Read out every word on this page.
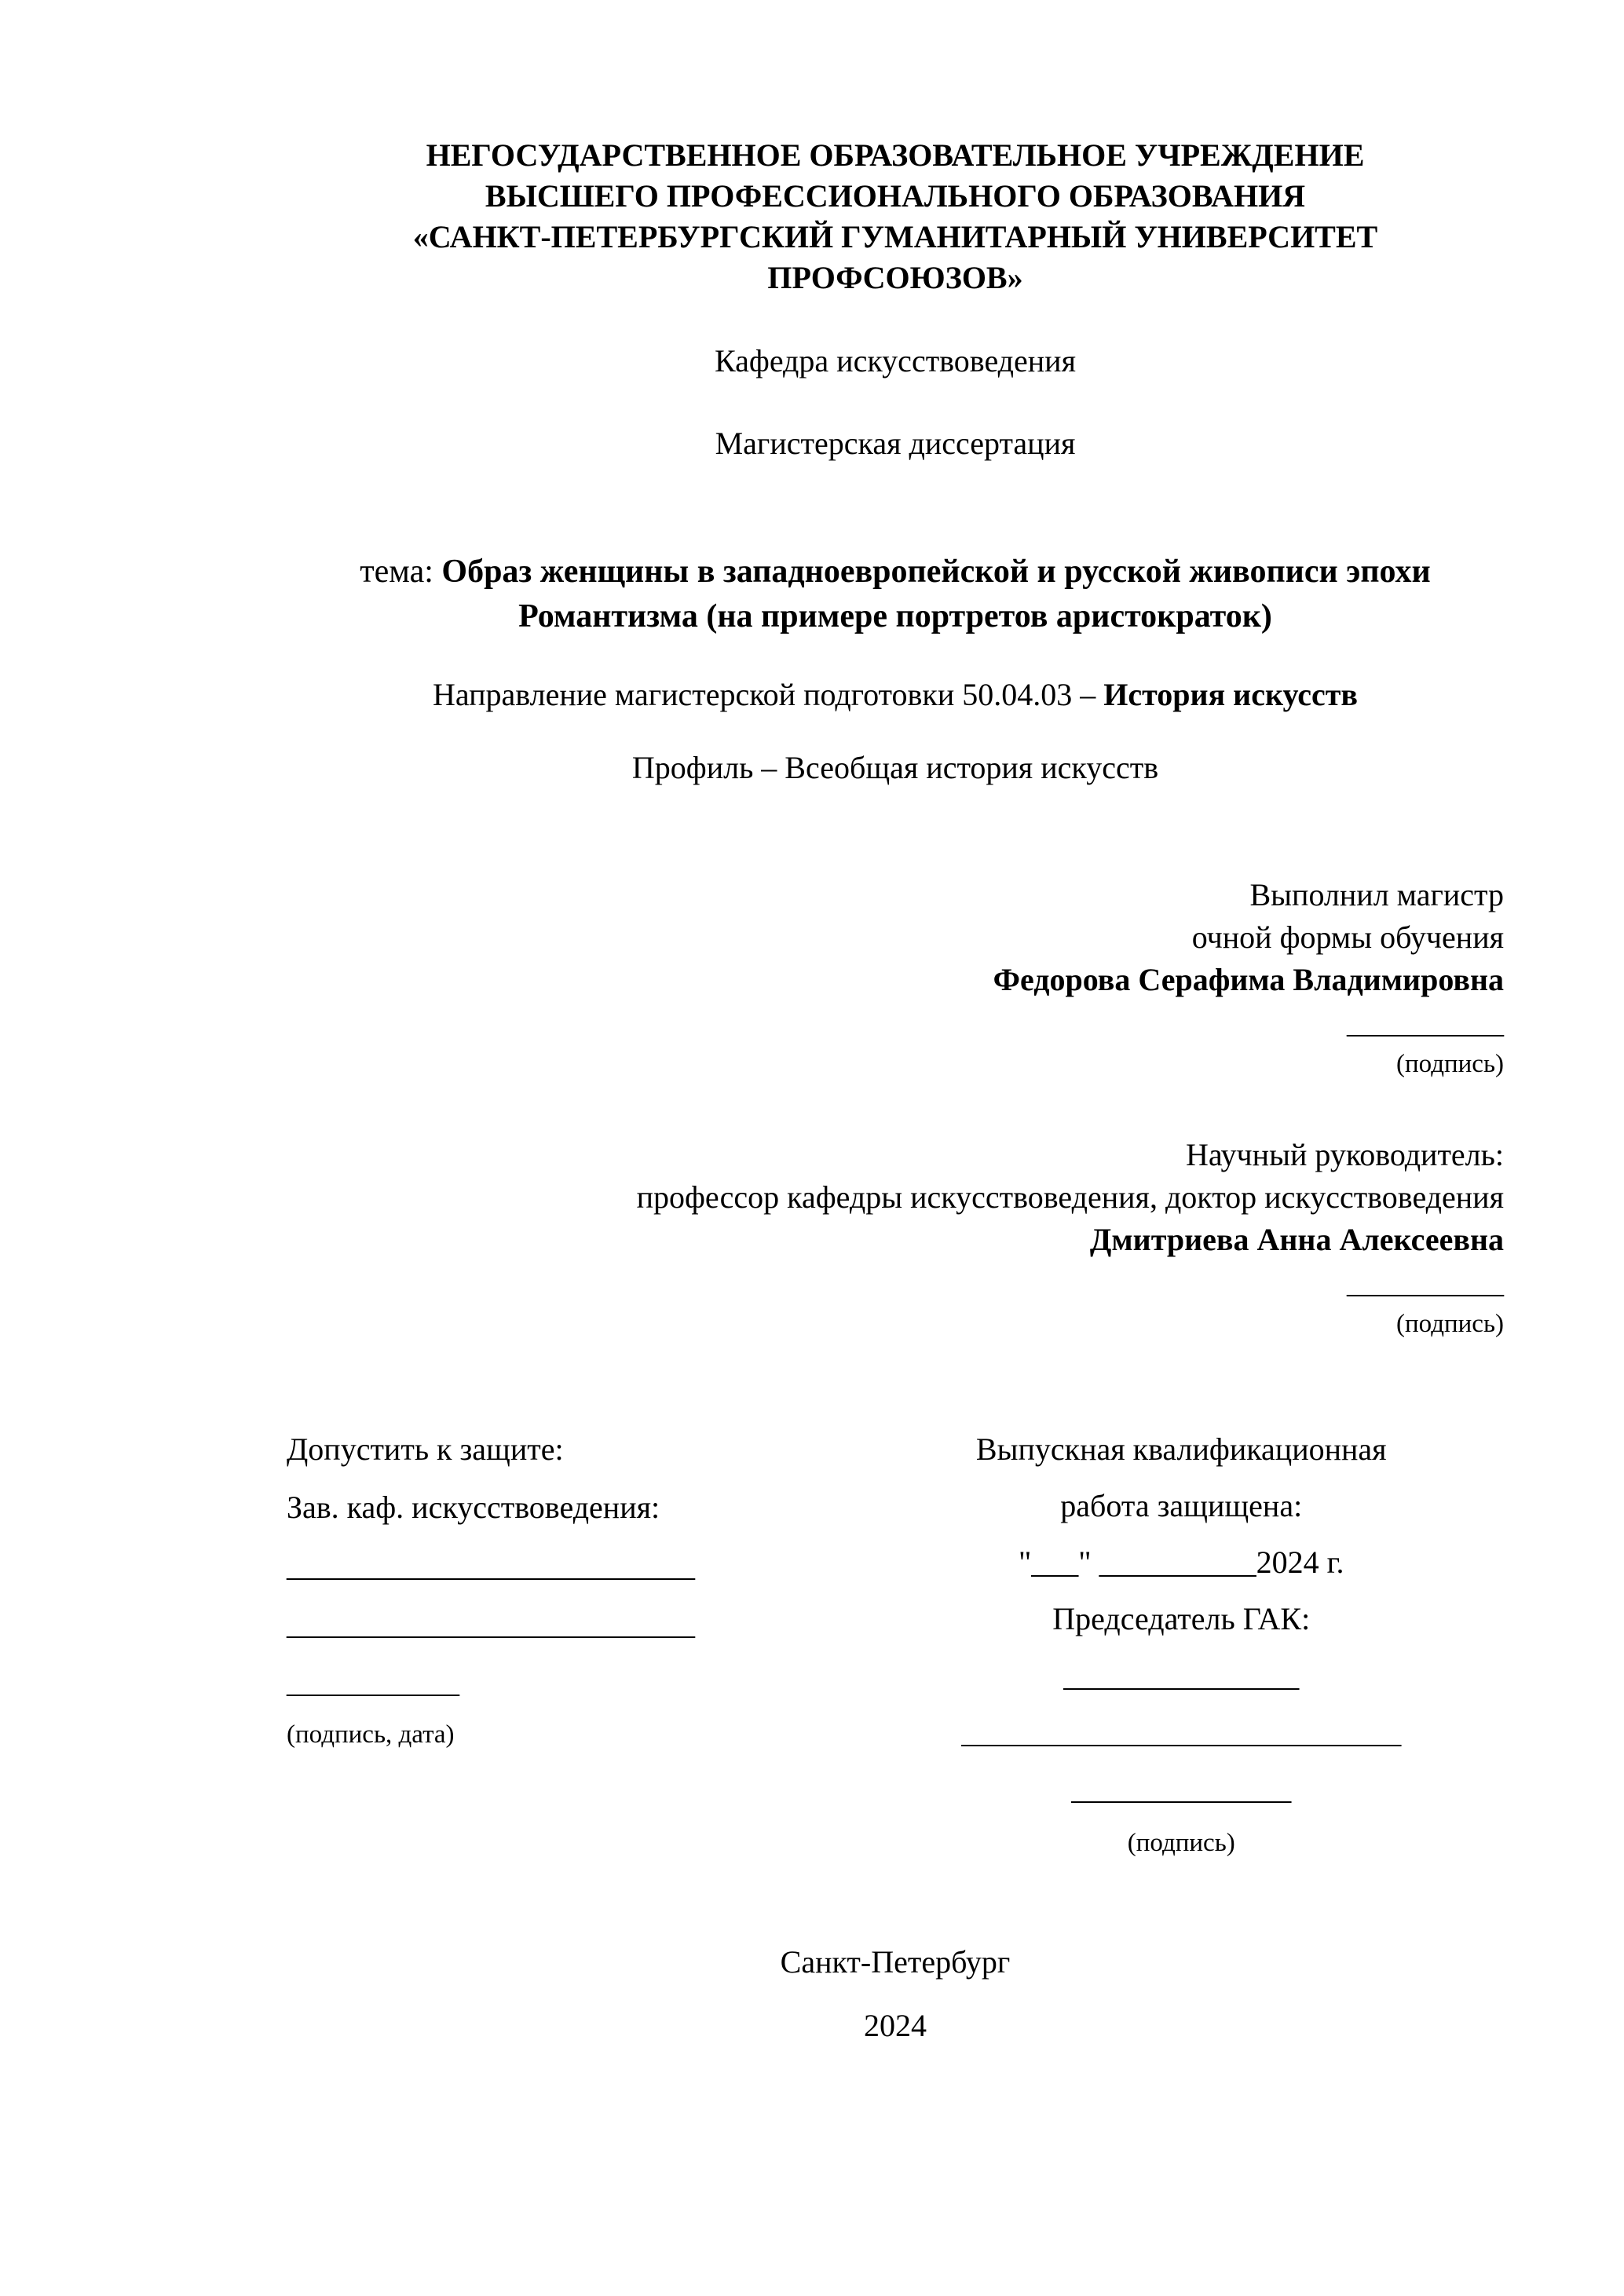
НЕГОСУДАРСТВЕННОЕ ОБРАЗОВАТЕЛЬНОЕ УЧРЕЖДЕНИЕ
ВЫСШЕГО ПРОФЕССИОНАЛЬНОГО ОБРАЗОВАНИЯ
«САНКТ-ПЕТЕРБУРГСКИЙ ГУМАНИТАРНЫЙ УНИВЕРСИТЕТ
ПРОФСОЮЗОВ»

Кафедра искусствоведения

Магистерская диссертация

тема: Образ женщины в западноевропейской и русской живописи эпохи Романтизма (на примере портретов аристократок)

Направление магистерской подготовки 50.04.03 – История искусств

Профиль – Всеобщая история искусств

Выполнил магистр
очной формы обучения
Федорова Серафима Владимировна
__________
(подпись)
Научный руководитель:
профессор кафедры искусствоведения, доктор искусствоведения
Дмитриева Анна Алексеевна
__________
(подпись)
Допустить к защите:
Зав. каф. искусствоведения:
__________________________
__________________________
___________
(подпись, дата)
Выпускная квалификационная
работа защищена:
"___" __________2024 г.
Председатель ГАК:
_______________
____________________________
______________
(подпись)

Санкт-Петербург

2024
